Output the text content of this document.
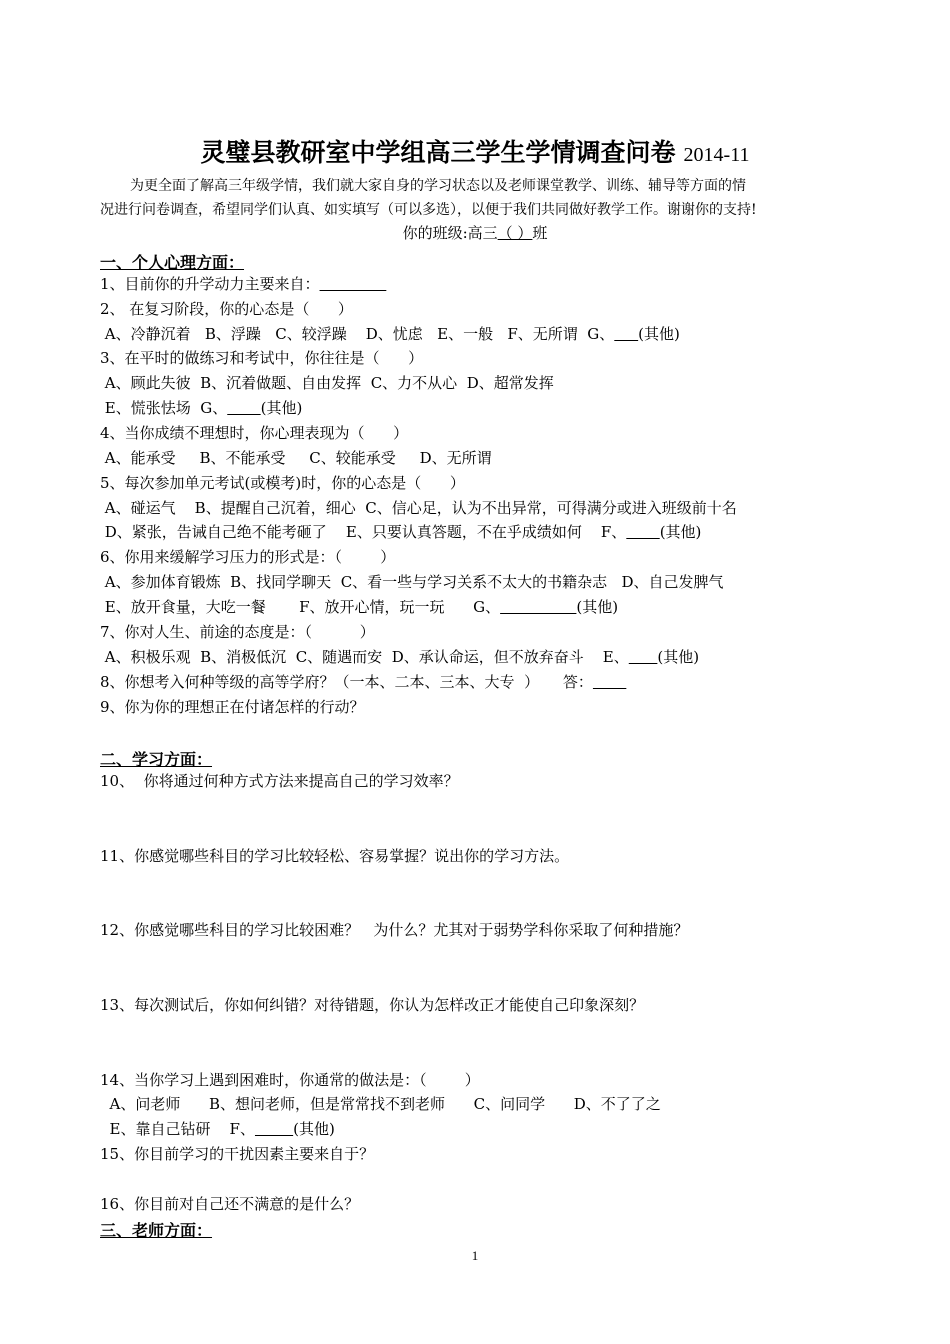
灵璧县教研室中学组高三学生学情调查问卷 2014-11
为更全面了解高三年级学情，我们就大家自身的学习状态以及老师课堂教学、训练、辅导等方面的情
况进行问卷调查，希望同学们认真、如实填写（可以多选），以便于我们共同做好教学工作。谢谢你的支持!
你的班级:高三（ ）班
一、个人心理方面：
1、目前你的升学动力主要来自：
2、 在复习阶段，你的心态是（      ）
A、冷静沉着   B、浮躁   C、较浮躁    D、忧虑   E、一般   F、无所谓  G、 (其他)
3、在平时的做练习和考试中，你往往是（      ）
A、顾此失彼  B、沉着做题、自由发挥  C、力不从心  D、超常发挥
E、慌张怯场  G、 (其他)
4、当你成绩不理想时，你心理表现为（      ）
A、能承受     B、不能承受     C、较能承受     D、无所谓
5、每次参加单元考试(或模考)时，你的心态是（      ）
A、碰运气    B、提醒自己沉着，细心  C、信心足，认为不出异常，可得满分或进入班级前十名
D、紧张，告诫自己绝不能考砸了    E、只要认真答题，不在乎成绩如何    F、 (其他)
6、你用来缓解学习压力的形式是：（        ）
A、参加体育锻炼  B、找同学聊天  C、看一些与学习关系不太大的书籍杂志   D、自己发脾气
E、放开食量，大吃一餐       F、放开心情，玩一玩      G、	(其他)
7、你对人生、前途的态度是：（          ）
A、积极乐观  B、消极低沉  C、随遇而安  D、承认命运，但不放弃奋斗    E、 (其他)
8、你想考入何种等级的高等学府？（一本、二本、三本、大专  ）     答：
9、你为你的理想正在付诸怎样的行动？
二、学习方面：
10、  你将通过何种方式方法来提高自己的学习效率？
11、你感觉哪些科目的学习比较轻松、容易掌握？说出你的学习方法。
12、你感觉哪些科目的学习比较困难？   为什么？尤其对于弱势学科你采取了何种措施？
13、每次测试后，你如何纠错？对待错题，你认为怎样改正才能使自己印象深刻？
14、当你学习上遇到困难时，你通常的做法是：（        ）
A、问老师      B、想问老师，但是常常找不到老师      C、问同学      D、不了了之
E、靠自己钻研    F、	(其他)
15、你目前学习的干扰因素主要来自于？
16、你目前对自己还不满意的是什么？
三、老师方面：
1
